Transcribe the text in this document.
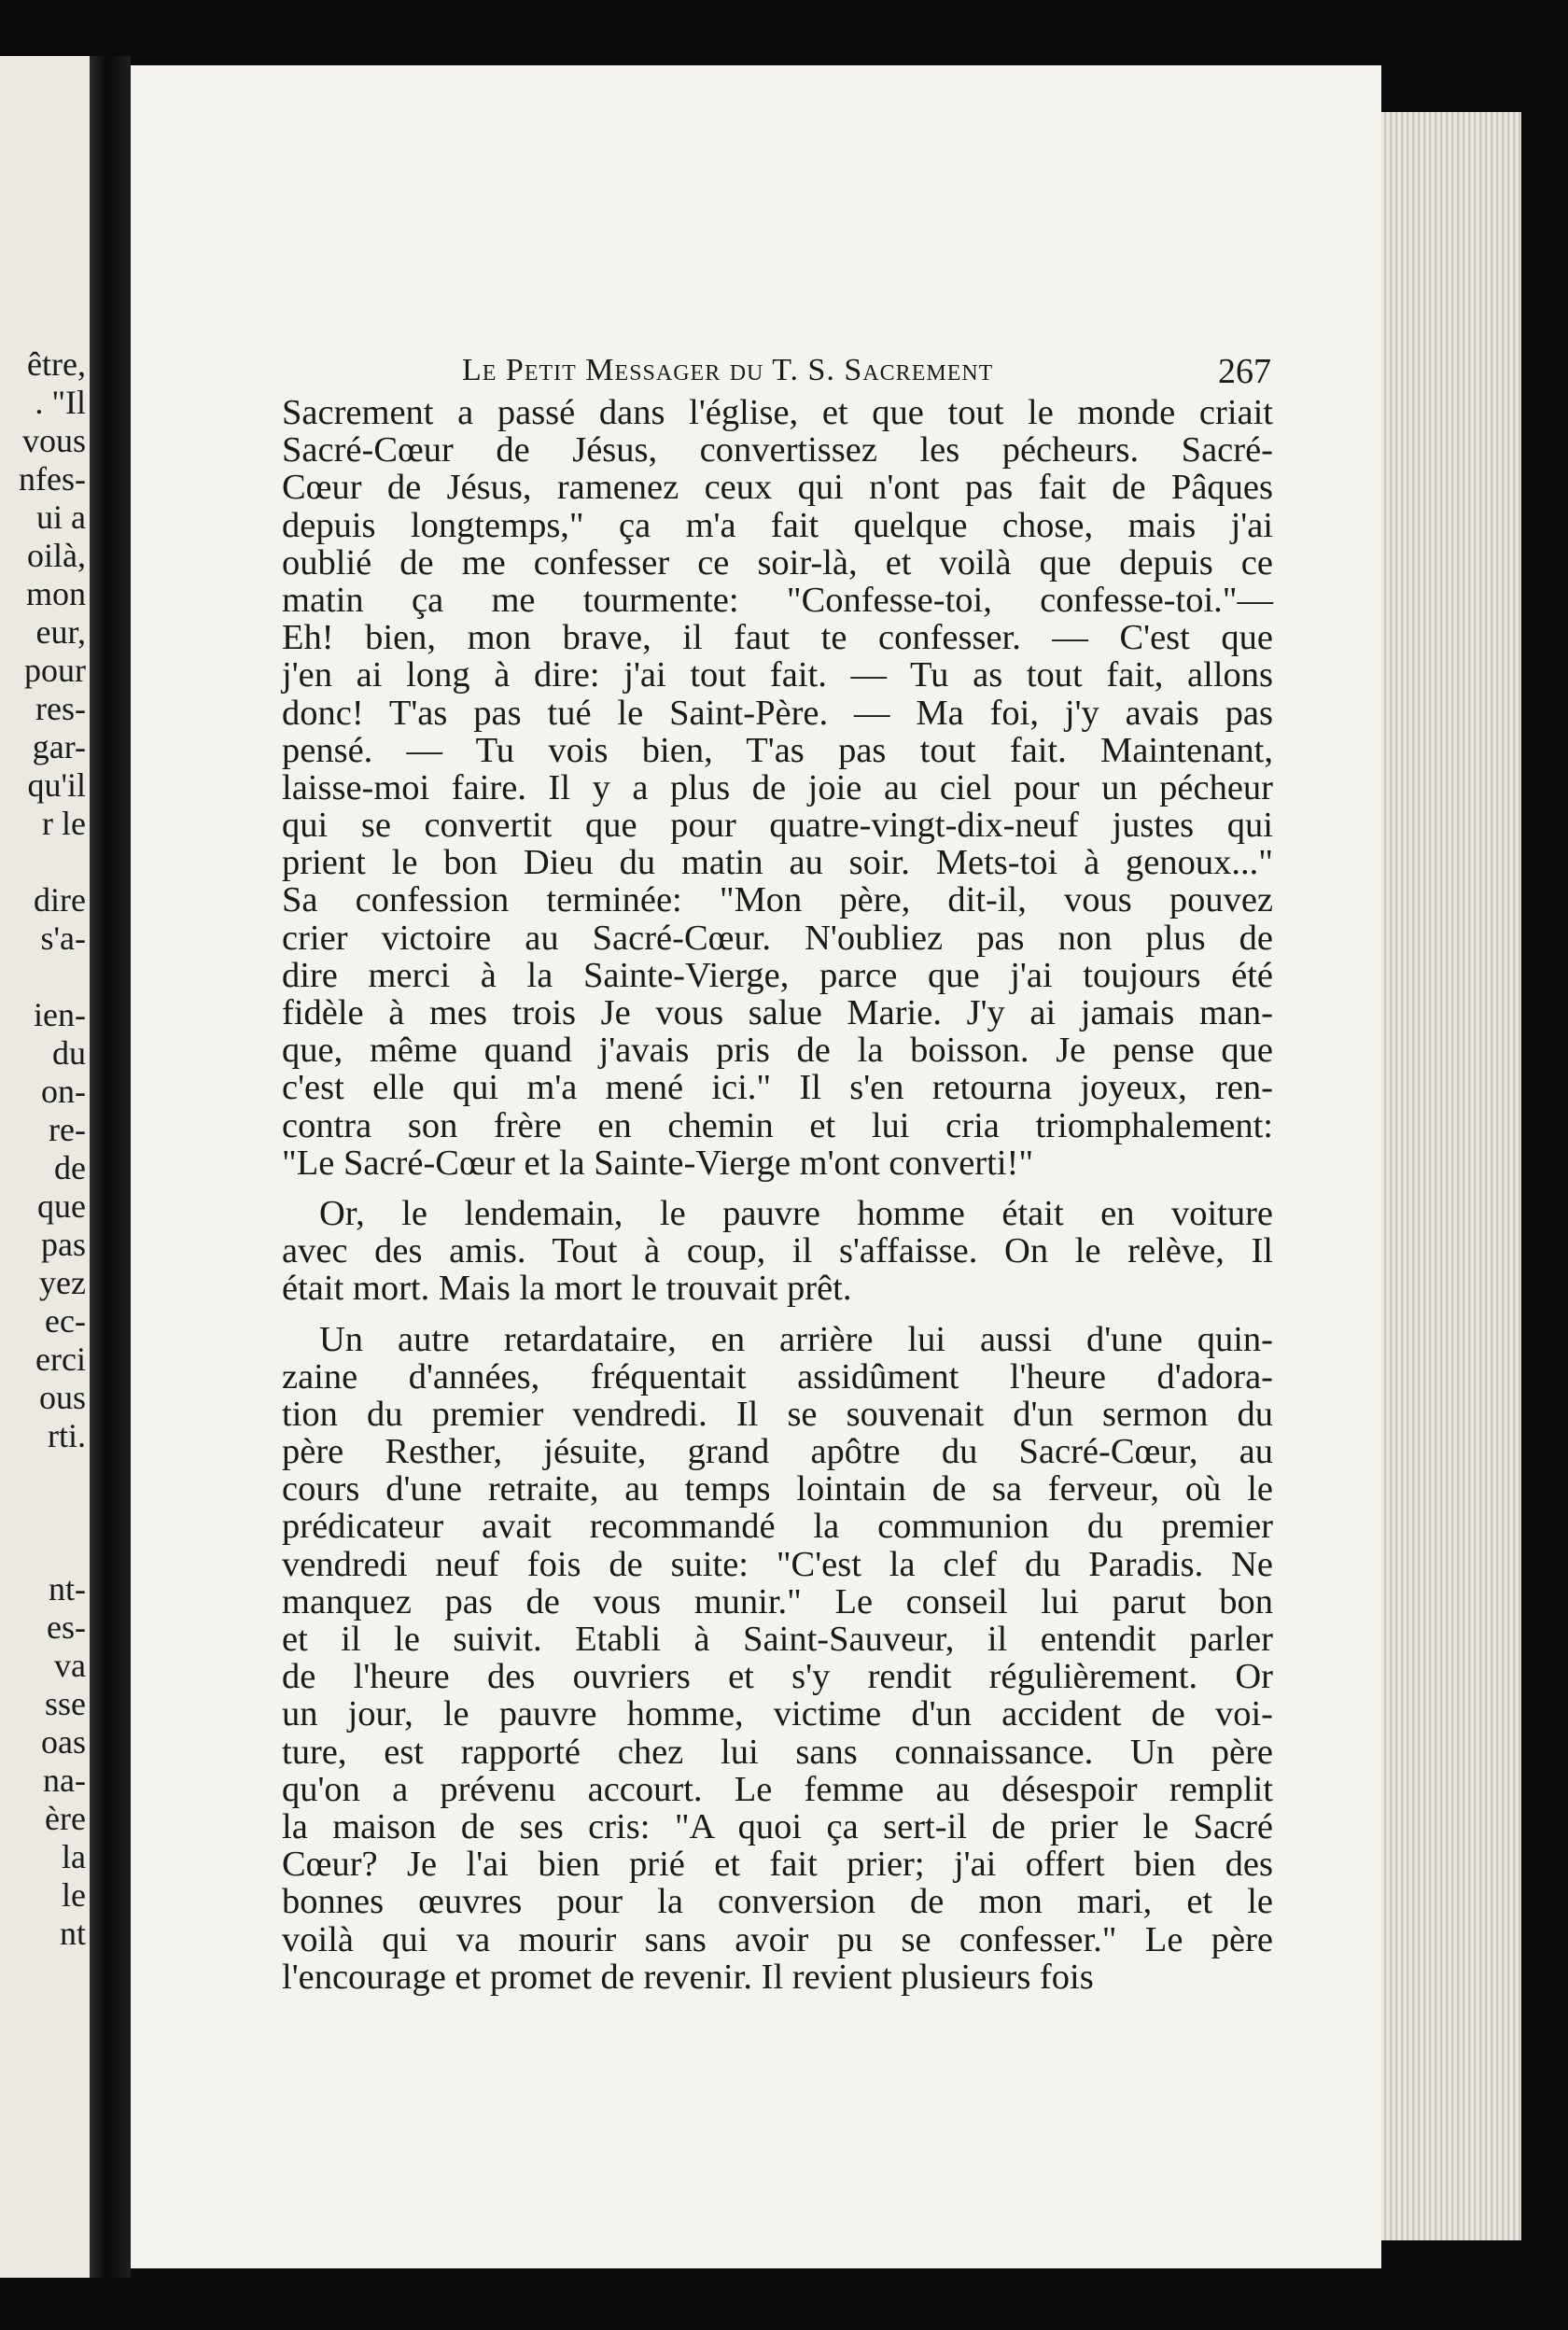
être,
. "Il
vous
nfes-
ui a
oilà,
mon
eur,
pour
res-
gar-
qu'il
r le
dire
s'a-
ien-
du
on-
re-
de
que
pas
yez
ec-
erci
ous
rti.
nt-
es-
va
sse
oas
na-
ère
la
le
nt
Le Petit Messager du T. S. Sacrement	267
Sacrement a passé dans l'église, et que tout le monde criait
Sacré-Cœur de Jésus, convertissez les pécheurs. Sacré-
Cœur de Jésus, ramenez ceux qui n'ont pas fait de Pâques
depuis longtemps," ça m'a fait quelque chose, mais j'ai
oublié de me confesser ce soir-là, et voilà que depuis ce
matin ça me tourmente: "Confesse-toi, confesse-toi."—
Eh! bien, mon brave, il faut te confesser. — C'est que
j'en ai long à dire: j'ai tout fait. — Tu as tout fait, allons
donc! T'as pas tué le Saint-Père. — Ma foi, j'y avais pas
pensé. — Tu vois bien, T'as pas tout fait. Maintenant,
laisse-moi faire. Il y a plus de joie au ciel pour un pécheur
qui se convertit que pour quatre-vingt-dix-neuf justes qui
prient le bon Dieu du matin au soir. Mets-toi à genoux..."
Sa confession terminée: "Mon père, dit-il, vous pouvez
crier victoire au Sacré-Cœur. N'oubliez pas non plus de
dire merci à la Sainte-Vierge, parce que j'ai toujours été
fidèle à mes trois Je vous salue Marie. J'y ai jamais man-
que, même quand j'avais pris de la boisson. Je pense que
c'est elle qui m'a mené ici." Il s'en retourna joyeux, ren-
contra son frère en chemin et lui cria triomphalement:
"Le Sacré-Cœur et la Sainte-Vierge m'ont converti!"
Or, le lendemain, le pauvre homme était en voiture
avec des amis. Tout à coup, il s'affaisse. On le relève, Il
était mort. Mais la mort le trouvait prêt.
Un autre retardataire, en arrière lui aussi d'une quin-
zaine d'années, fréquentait assidûment l'heure d'adora-
tion du premier vendredi. Il se souvenait d'un sermon du
père Resther, jésuite, grand apôtre du Sacré-Cœur, au
cours d'une retraite, au temps lointain de sa ferveur, où le
prédicateur avait recommandé la communion du premier
vendredi neuf fois de suite: "C'est la clef du Paradis. Ne
manquez pas de vous munir." Le conseil lui parut bon
et il le suivit. Etabli à Saint-Sauveur, il entendit parler
de l'heure des ouvriers et s'y rendit régulièrement. Or
un jour, le pauvre homme, victime d'un accident de voi-
ture, est rapporté chez lui sans connaissance. Un père
qu'on a prévenu accourt. Le femme au désespoir remplit
la maison de ses cris: "A quoi ça sert-il de prier le Sacré
Cœur? Je l'ai bien prié et fait prier; j'ai offert bien des
bonnes œuvres pour la conversion de mon mari, et le
voilà qui va mourir sans avoir pu se confesser." Le père
l'encourage et promet de revenir. Il revient plusieurs fois
